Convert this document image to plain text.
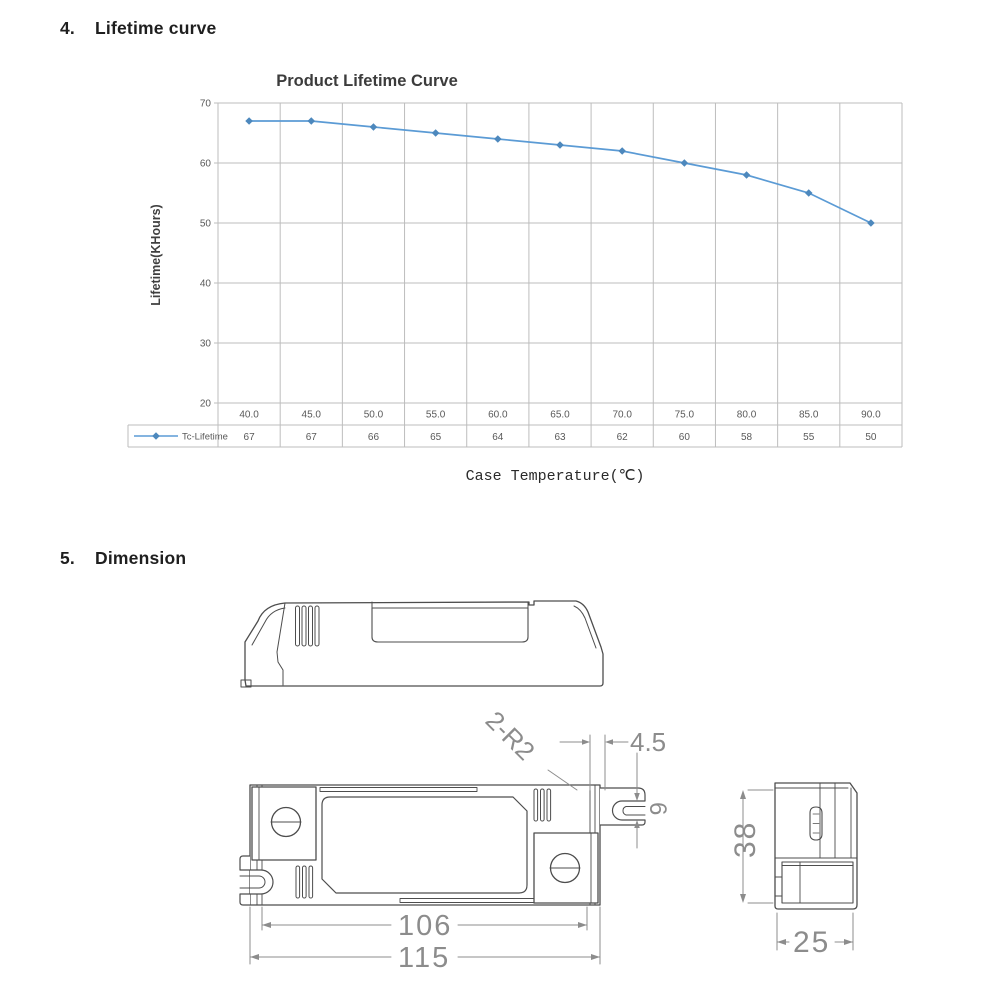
4. Lifetime curve
Product Lifetime Curve
Lifetime(KHours)
70
60
50
40
30
20
40.0
67
45.0
67
50.0
66
55.0
65
60.0
64
65.0
63
70.0
62
75.0
60
80.0
58
85.0
55
90.0
50
Tc-Lifetime
Case Temperature(℃)
5. Dimension
2-R2	4.5
6
106
115
38
25
